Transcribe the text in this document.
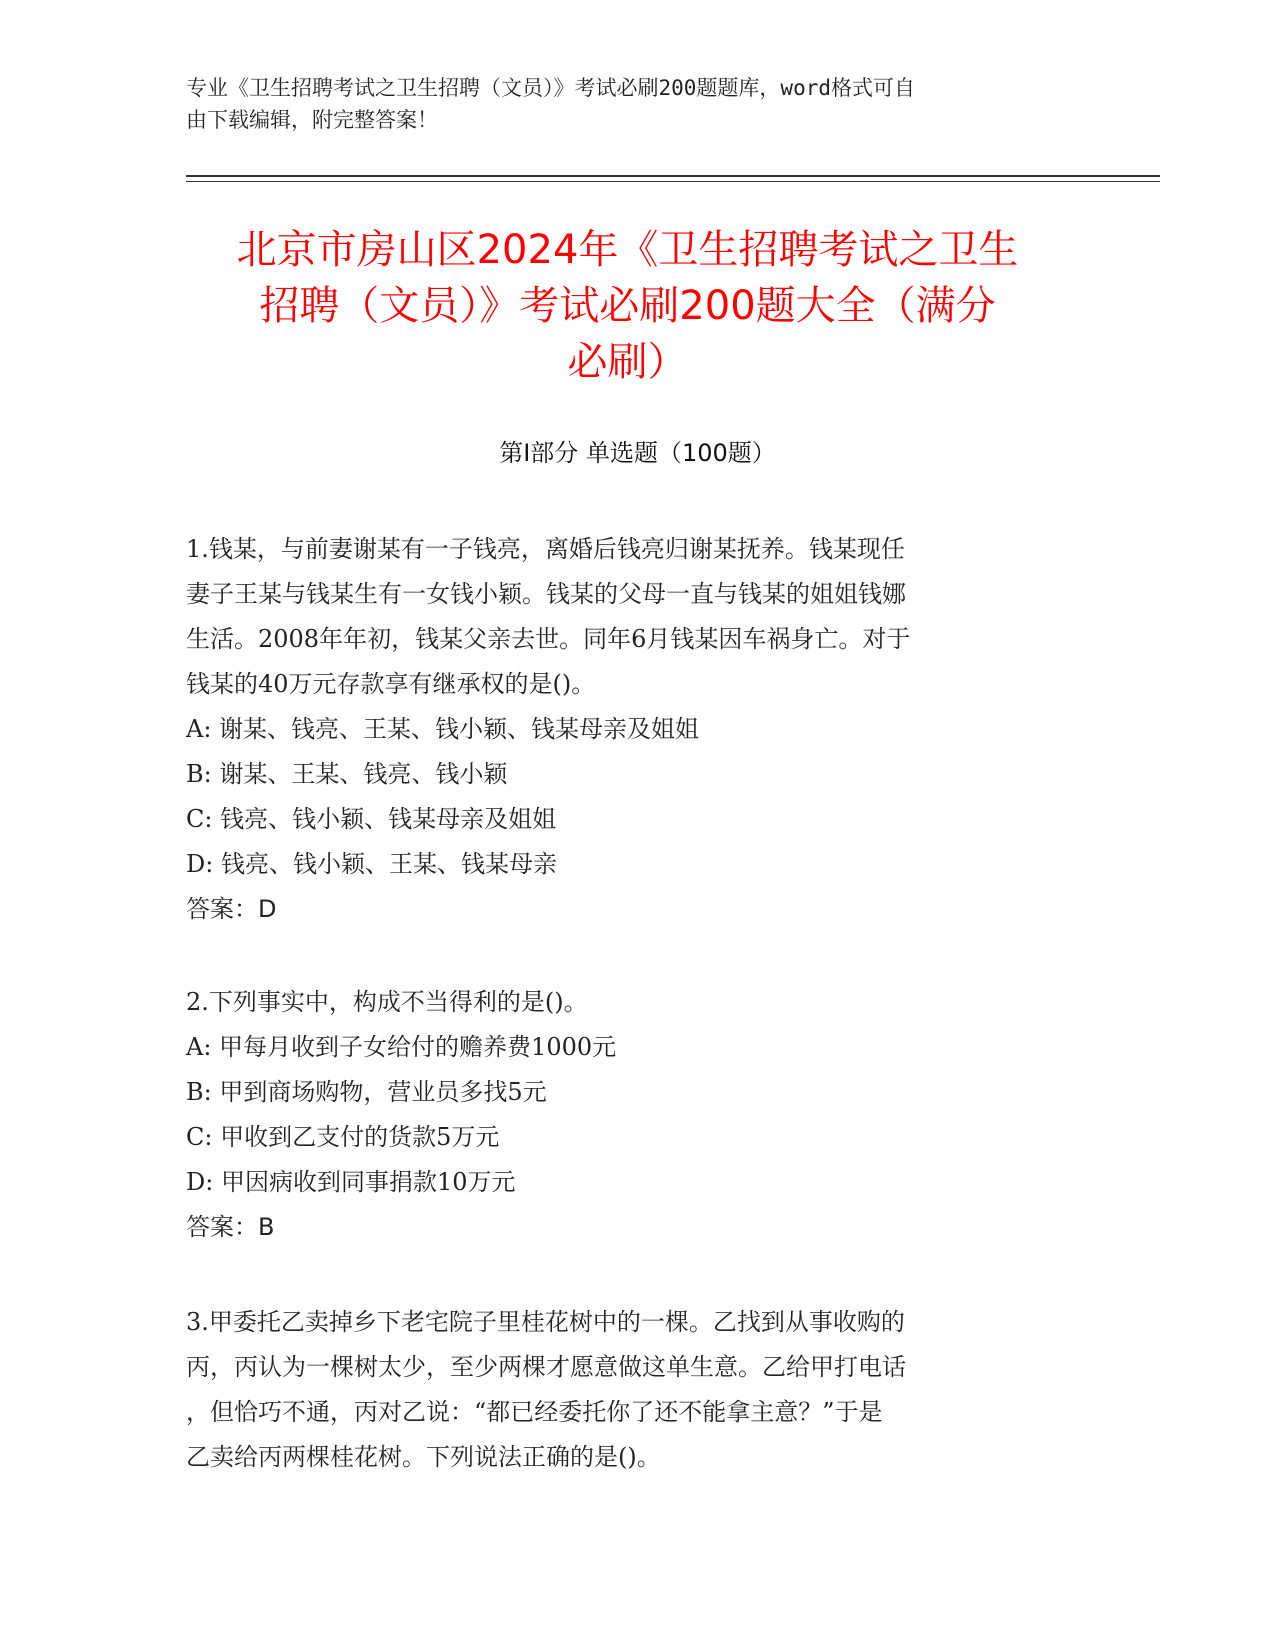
专业《卫生招聘考试之卫生招聘（文员）》考试必刷200题题库，word格式可自
由下载编辑，附完整答案！
北京市房山区2024年《卫生招聘考试之卫生
招聘（文员）》考试必刷200题大全（满分
必刷）
第Ⅰ部分 单选题（100题）
1.钱某，与前妻谢某有一子钱亮，离婚后钱亮归谢某抚养。钱某现任
妻子王某与钱某生有一女钱小颖。钱某的父母一直与钱某的姐姐钱娜
生活。2008年年初，钱某父亲去世。同年6月钱某因车祸身亡。对于
钱某的40万元存款享有继承权的是()。
A: 谢某、钱亮、王某、钱小颖、钱某母亲及姐姐
B: 谢某、王某、钱亮、钱小颖
C: 钱亮、钱小颖、钱某母亲及姐姐
D: 钱亮、钱小颖、王某、钱某母亲
答案：D
2.下列事实中，构成不当得利的是()。
A: 甲每月收到子女给付的赡养费1000元
B: 甲到商场购物，营业员多找5元
C: 甲收到乙支付的货款5万元
D: 甲因病收到同事捐款10万元
答案：B
3.甲委托乙卖掉乡下老宅院子里桂花树中的一棵。乙找到从事收购的
丙，丙认为一棵树太少，至少两棵才愿意做这单生意。乙给甲打电话
，但恰巧不通，丙对乙说：“都已经委托你了还不能拿主意？”于是
乙卖给丙两棵桂花树。下列说法正确的是()。
